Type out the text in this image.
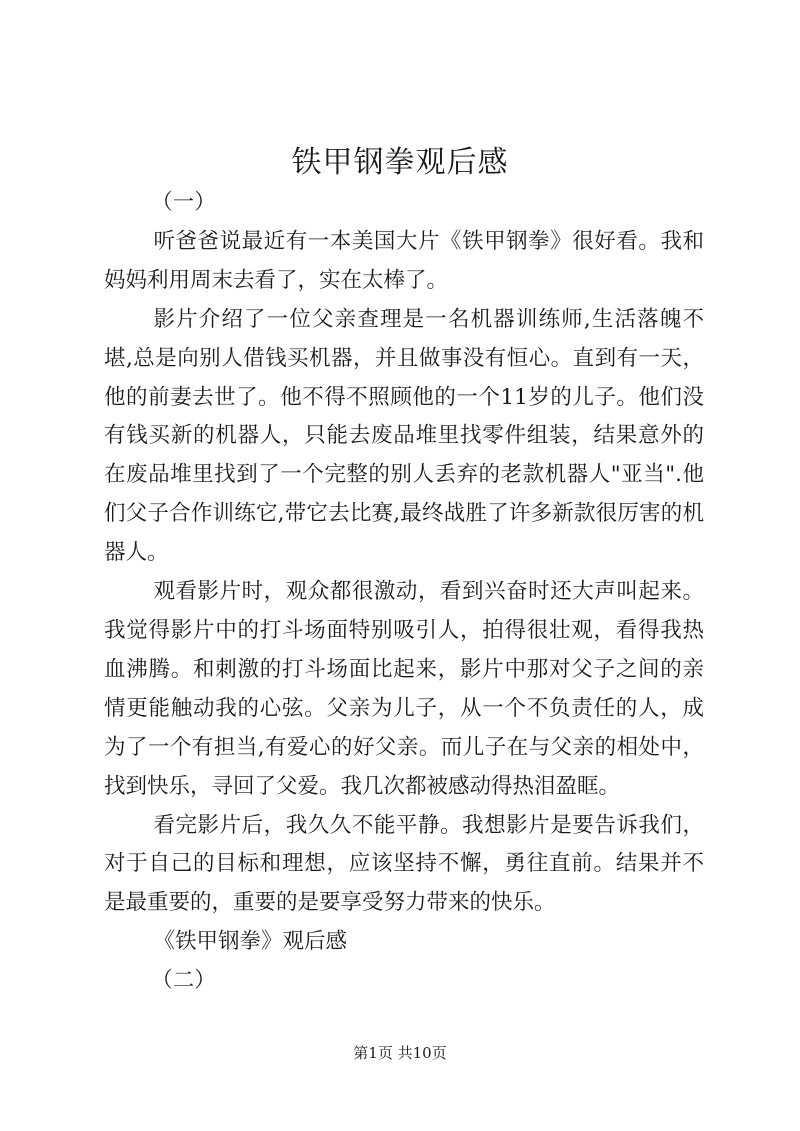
铁甲钢拳观后感

（一）

听爸爸说最近有一本美国大片《铁甲钢拳》很好看。我和妈妈利用周末去看了，实在太棒了。

影片介绍了一位父亲查理是一名机器训练师,生活落魄不堪,总是向别人借钱买机器，并且做事没有恒心。直到有一天，他的前妻去世了。他不得不照顾他的一个11岁的儿子。他们没有钱买新的机器人，只能去废品堆里找零件组装，结果意外的在废品堆里找到了一个完整的别人丢弃的老款机器人"亚当".他们父子合作训练它,带它去比赛,最终战胜了许多新款很厉害的机器人。

观看影片时，观众都很激动，看到兴奋时还大声叫起来。我觉得影片中的打斗场面特别吸引人，拍得很壮观，看得我热血沸腾。和刺激的打斗场面比起来，影片中那对父子之间的亲情更能触动我的心弦。父亲为儿子，从一个不负责任的人，成为了一个有担当,有爱心的好父亲。而儿子在与父亲的相处中，找到快乐，寻回了父爱。我几次都被感动得热泪盈眶。

看完影片后，我久久不能平静。我想影片是要告诉我们，对于自己的目标和理想，应该坚持不懈，勇往直前。结果并不是最重要的，重要的是要享受努力带来的快乐。

《铁甲钢拳》观后感

（二）

第1页 共10页
